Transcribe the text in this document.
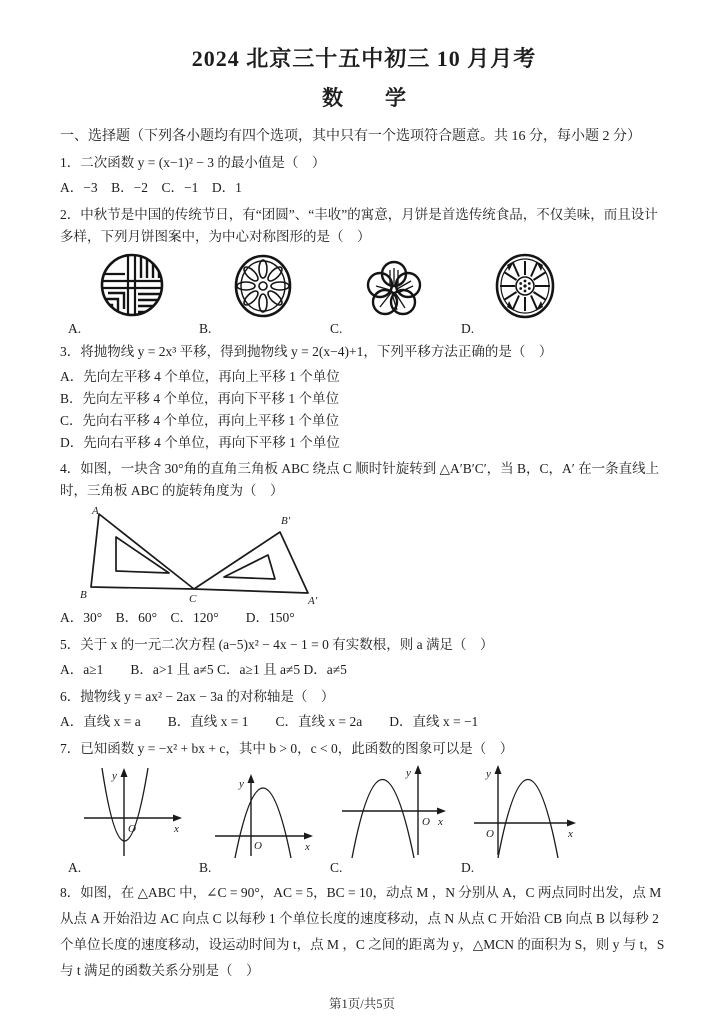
2024 北京三十五中初三 10 月月考
数　　学

一、选择题（下列各小题均有四个选项，其中只有一个选项符合题意。共 16 分，每小题 2 分）

1．二次函数 y = (x−1)² − 3 的最小值是（　）

A．−3　B．−2　C．−1　D．1

2．中秋节是中国的传统节日，有“团圆”、“丰收”的寓意，月饼是首选传统食品，不仅美味，而且设计多样，下列月饼图案中，为中心对称图形的是（　）

A.	B.	C.	D.

3．将抛物线 y = 2x³ 平移，得到抛物线 y = 2(x−4)+1，下列平移方法正确的是（　）

A．先向左平移 4 个单位，再向上平移 1 个单位

B．先向左平移 4 个单位，再向下平移 1 个单位

C．先向右平移 4 个单位，再向上平移 1 个单位

D．先向右平移 4 个单位，再向下平移 1 个单位

4．如图，一块含 30°角的直角三角板 ABC 绕点 C 顺时针旋转到 △A′B′C′，当 B，C，A′ 在一条直线上时，三角板 ABC 的旋转角度为（　）

A
B	C
B′
A′

A．30°　B．60°　C．120°　　D．150°

5．关于 x 的一元二次方程 (a−5)x² − 4x − 1 = 0 有实数根，则 a 满足（　）

A．a≥1　　B．a>1 且 a≠5 C．a≥1 且 a≠5 D．a≠5

6．抛物线 y = ax² − 2ax − 3a 的对称轴是（　）

A．直线 x = a　　B．直线 x = 1　　C．直线 x = 2a　　D．直线 x = −1

7．已知函数 y = −x² + bx + c，其中 b > 0，c < 0，此函数的图象可以是（　）

y
x
O
A.
y
x
O
B.
y
x
O
C.
y
x
O
D.

8．如图，在 △ABC 中，∠C = 90°，AC = 5，BC = 10，动点 M ，N 分别从 A，C 两点同时出发，点 M 从点 A 开始沿边 AC 向点 C 以每秒 1 个单位长度的速度移动，点 N 从点 C 开始沿 CB 向点 B 以每秒 2 个单位长度的速度移动，设运动时间为 t，点 M ，C 之间的距离为 y，△MCN 的面积为 S，则 y 与 t，S 与 t 满足的函数关系分别是（　）

第1页/共5页
